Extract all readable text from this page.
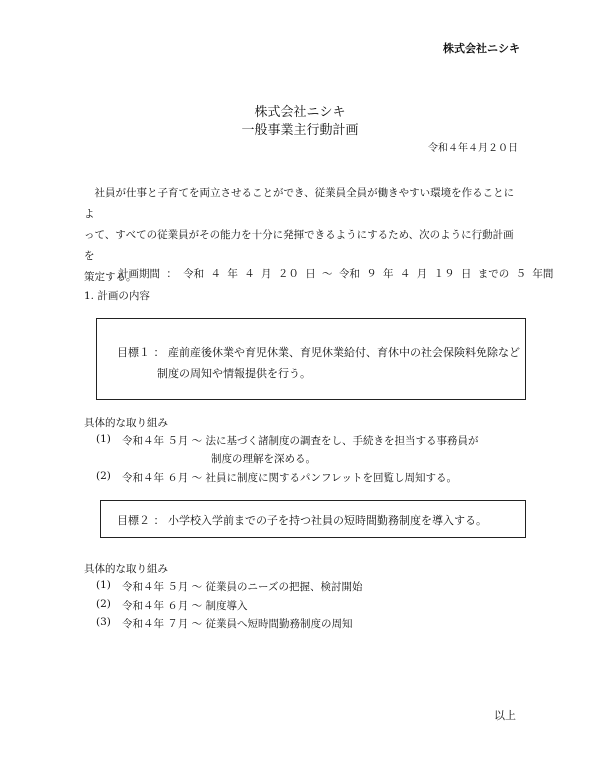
株式会社ニシキ
株式会社ニシキ
一般事業主行動計画
令和４年４月２０日

社員が仕事と子育てを両立させることができ、従業員全員が働きやすい環境を作ることによ

って、すべての従業員がその能力を十分に発揮できるようにするため、次のように行動計画を
策定する。
計画期間 ： 令和 ４ 年 ４ 月 ２０ 日 ～ 令和 ９ 年 ４ 月 １９ 日 までの ５ 年間
1. 計画の内容
目標１ ： 産前産後休業や育児休業、育児休業給付、育休中の社会保険料免除など
制度の周知や情報提供を行う。
具体的な取り組み
(1) 令和４年 ５月 ～ 法に基づく諸制度の調査をし、手続きを担当する事務員が
制度の理解を深める。
(2) 令和４年 ６月 ～ 社員に制度に関するパンフレットを回覧し周知する。
目標２ ： 小学校入学前までの子を持つ社員の短時間勤務制度を導入する。
具体的な取り組み
(1) 令和４年 ５月 ～ 従業員のニーズの把握、検討開始
(2) 令和４年 ６月 ～ 制度導入
(3) 令和４年 ７月 ～ 従業員へ短時間勤務制度の周知
以上
